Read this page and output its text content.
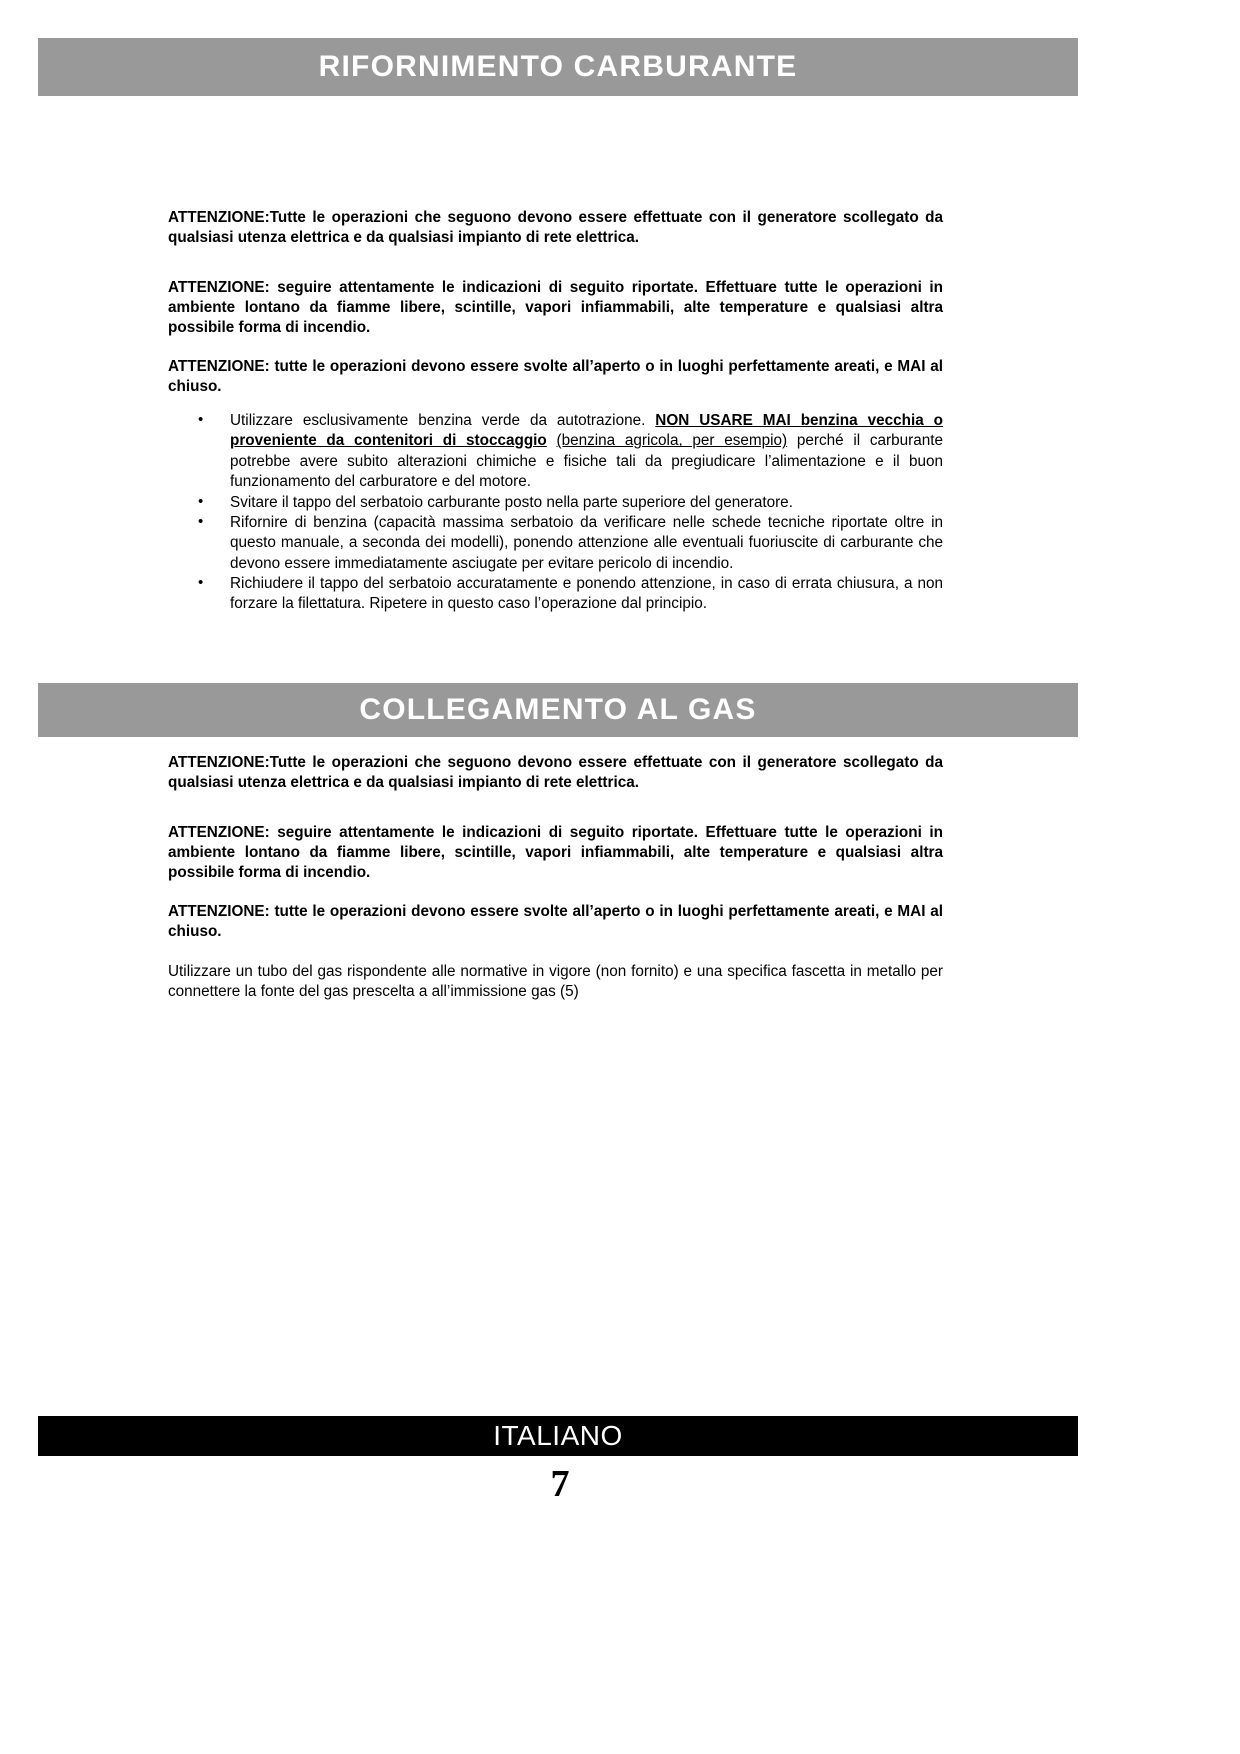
RIFORNIMENTO CARBURANTE

ATTENZIONE:Tutte le operazioni che seguono devono essere effettuate con il generatore scollegato da qualsiasi utenza elettrica e da qualsiasi impianto di rete elettrica.

ATTENZIONE: seguire attentamente le indicazioni di seguito riportate. Effettuare tutte le operazioni in ambiente lontano da fiamme libere, scintille, vapori infiammabili, alte temperature e qualsiasi altra possibile forma di incendio.

ATTENZIONE: tutte le operazioni devono essere svolte all’aperto o in luoghi perfettamente areati, e MAI al chiuso.

• Utilizzare esclusivamente benzina verde da autotrazione. NON USARE MAI benzina vecchia o proveniente da contenitori di stoccaggio (benzina agricola, per esempio) perché il carburante potrebbe avere subito alterazioni chimiche e fisiche tali da pregiudicare l’alimentazione e il buon funzionamento del carburatore e del motore.
• Svitare il tappo del serbatoio carburante posto nella parte superiore del generatore.
• Rifornire di benzina (capacità massima serbatoio da verificare nelle schede tecniche riportate oltre in questo manuale, a seconda dei modelli), ponendo attenzione alle eventuali fuoriuscite di carburante che devono essere immediatamente asciugate per evitare pericolo di incendio.
• Richiudere il tappo del serbatoio accuratamente e ponendo attenzione, in caso di errata chiusura, a non forzare la filettatura. Ripetere in questo caso l’operazione dal principio.
COLLEGAMENTO AL GAS

ATTENZIONE:Tutte le operazioni che seguono devono essere effettuate con il generatore scollegato da qualsiasi utenza elettrica e da qualsiasi impianto di rete elettrica.

ATTENZIONE: seguire attentamente le indicazioni di seguito riportate. Effettuare tutte le operazioni in ambiente lontano da fiamme libere, scintille, vapori infiammabili, alte temperature e qualsiasi altra possibile forma di incendio.

ATTENZIONE: tutte le operazioni devono essere svolte all’aperto o in luoghi perfettamente areati, e MAI al chiuso.

Utilizzare un tubo del gas rispondente alle normative in vigore (non fornito) e una specifica fascetta in metallo per connettere la fonte del gas prescelta a all’immissione gas (5)

ITALIANO
7
